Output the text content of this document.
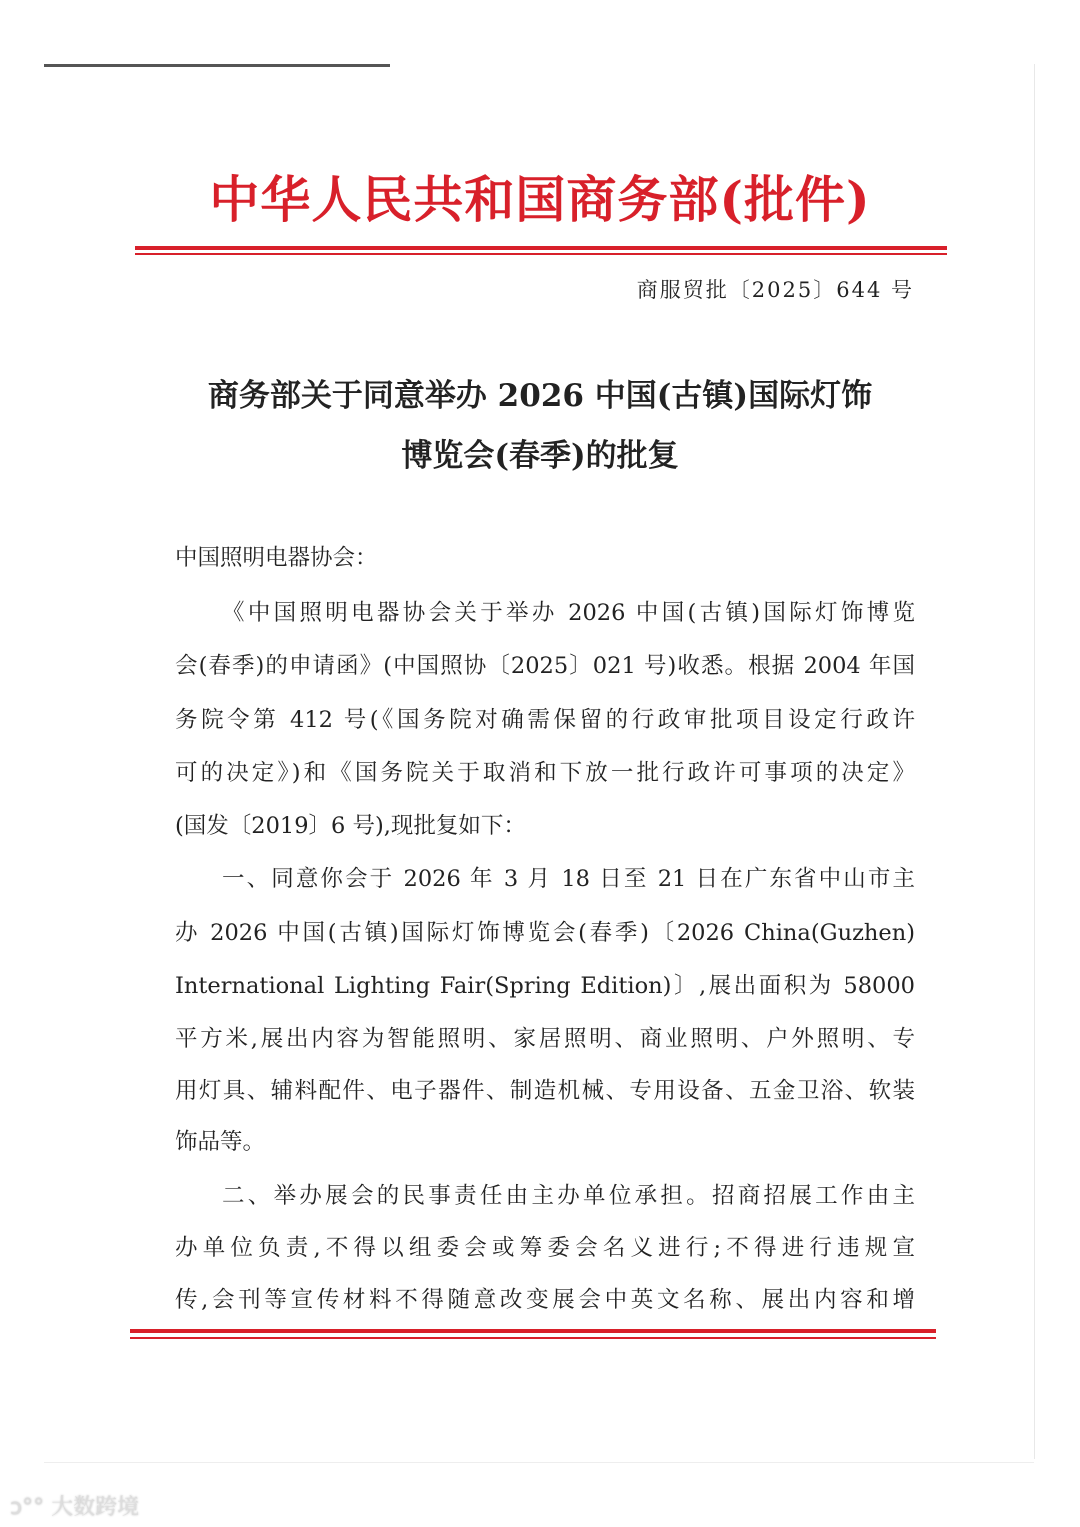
中华人民共和国商务部(批件)
商服贸批〔2025〕644 号
商务部关于同意举办 2026 中国(古镇)国际灯饰
博览会(春季)的批复
中国照明电器协会：
《中国照明电器协会关于举办 2026 中国(古镇)国际灯饰博览
会(春季)的申请函》(中国照协〔2025〕021 号)收悉。根据 2004 年国
务院令第 412 号(《国务院对确需保留的行政审批项目设定行政许
可的决定》)和《国务院关于取消和下放一批行政许可事项的决定》
(国发〔2019〕6 号),现批复如下：
一、同意你会于 2026 年 3 月 18 日至 21 日在广东省中山市主
办 2026 中国(古镇)国际灯饰博览会(春季)〔2026 China(Guzhen)
International Lighting Fair(Spring Edition)〕,展出面积为 58000
平方米,展出内容为智能照明、家居照明、商业照明、户外照明、专
用灯具、辅料配件、电子器件、制造机械、专用设备、五金卫浴、软装
饰品等。
二、举办展会的民事责任由主办单位承担。招商招展工作由主
办单位负责,不得以组委会或筹委会名义进行;不得进行违规宣
传,会刊等宣传材料不得随意改变展会中英文名称、展出内容和增
ↄ°° 大数跨境
